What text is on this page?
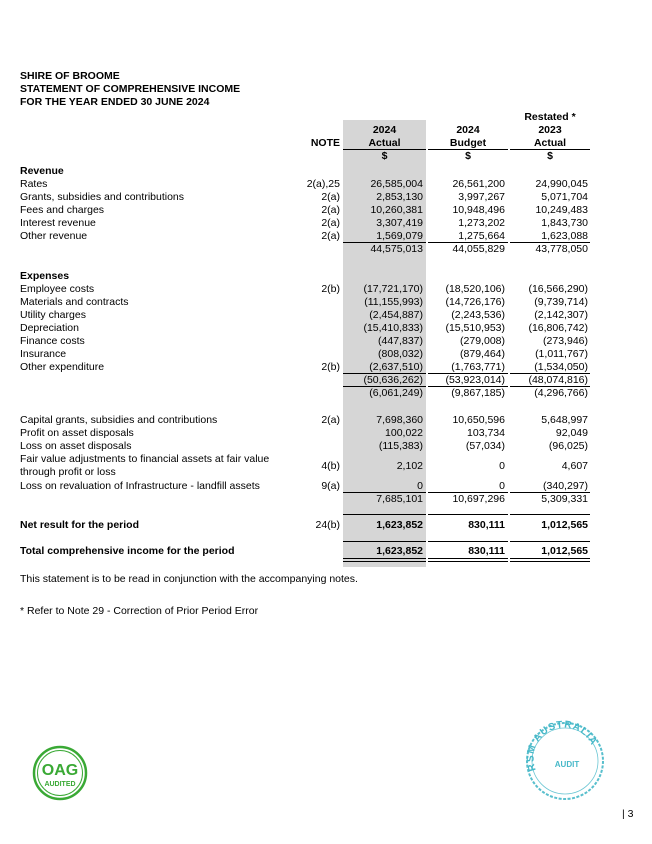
SHIRE OF BROOME
STATEMENT OF COMPREHENSIVE INCOME
FOR THE YEAR ENDED 30 JUNE 2024
Restated *
2024	2024	2023
NOTE	Actual	Budget	Actual
$	$	$
Revenue
Rates	2(a),25	26,585,004	26,561,200	24,990,045
Grants, subsidies and contributions	2(a)	2,853,130	3,997,267	5,071,704
Fees and charges	2(a)	10,260,381	10,948,496	10,249,483
Interest revenue	2(a)	3,307,419	1,273,202	1,843,730
Other revenue	2(a)	1,569,079	1,275,664	1,623,088
44,575,013	44,055,829	43,778,050
Expenses
Employee costs	2(b)	(17,721,170)	(18,520,106)	(16,566,290)
Materials and contracts	(11,155,993)	(14,726,176)	(9,739,714)
Utility charges	(2,454,887)	(2,243,536)	(2,142,307)
Depreciation	(15,410,833)	(15,510,953)	(16,806,742)
Finance costs	(447,837)	(279,008)	(273,946)
Insurance	(808,032)	(879,464)	(1,011,767)
Other expenditure	2(b)	(2,637,510)	(1,763,771)	(1,534,050)
(50,636,262)	(53,923,014)	(48,074,816)
(6,061,249)	(9,867,185)	(4,296,766)
Capital grants, subsidies and contributions	2(a)	7,698,360	10,650,596	5,648,997
Profit on asset disposals	100,022	103,734	92,049
Loss on asset disposals	(115,383)	(57,034)	(96,025)
Fair value adjustments to financial assets at fair value
through profit or loss	4(b)	2,102	0	4,607
Loss on revaluation of Infrastructure - landfill assets	9(a)	0	0	(340,297)
7,685,101	10,697,296	5,309,331
Net result for the period	24(b)	1,623,852	830,111	1,012,565
Total comprehensive income for the period	1,623,852	830,111	1,012,565
This statement is to be read in conjunction with the accompanying notes.
* Refer to Note 29 - Correction of Prior Period Error
OAG
AUDITED
RSM AUSTRALIA
AUDIT
| 3
